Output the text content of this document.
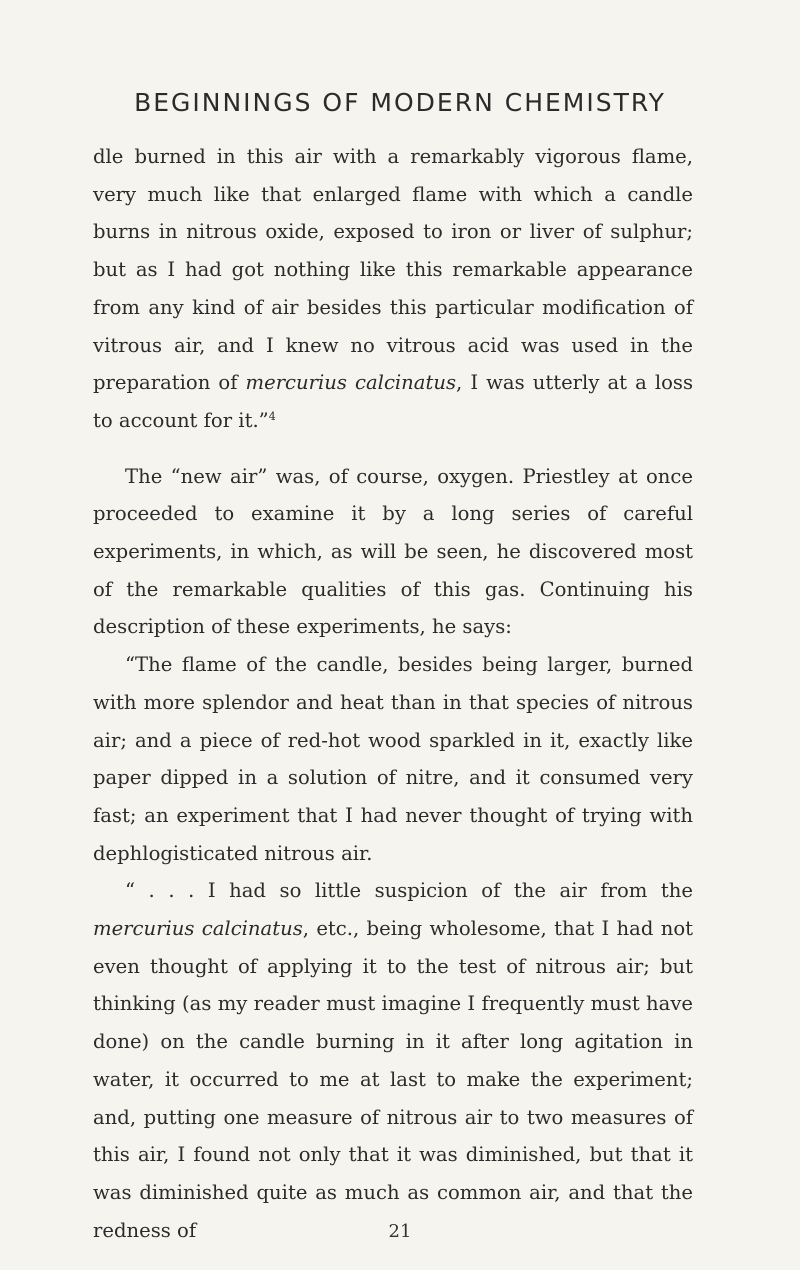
BEGINNINGS OF MODERN CHEMISTRY

dle burned in this air with a remarkably vigorous flame, very much like that enlarged flame with which a candle burns in nitrous oxide, exposed to iron or liver of sulphur; but as I had got nothing like this remarkable appearance from any kind of air besides this particular modification of vitrous air, and I knew no vitrous acid was used in the preparation of mercurius calcinatus, I was utterly at a loss to account for it.”$^4$

The “new air” was, of course, oxygen. Priestley at once proceeded to examine it by a long series of careful experiments, in which, as will be seen, he discovered most of the remarkable qualities of this gas. Continuing his description of these experiments, he says:

“The flame of the candle, besides being larger, burned with more splendor and heat than in that species of nitrous air; and a piece of red-hot wood sparkled in it, exactly like paper dipped in a solution of nitre, and it consumed very fast; an experiment that I had never thought of trying with dephlogisticated nitrous air.

“ . . . I had so little suspicion of the air from the mercurius calcinatus, etc., being wholesome, that I had not even thought of applying it to the test of nitrous air; but thinking (as my reader must imagine I frequently must have done) on the candle burning in it after long agitation in water, it occurred to me at last to make the experiment; and, putting one measure of nitrous air to two measures of this air, I found not only that it was diminished, but that it was diminished quite as much as common air, and that the redness of	21
